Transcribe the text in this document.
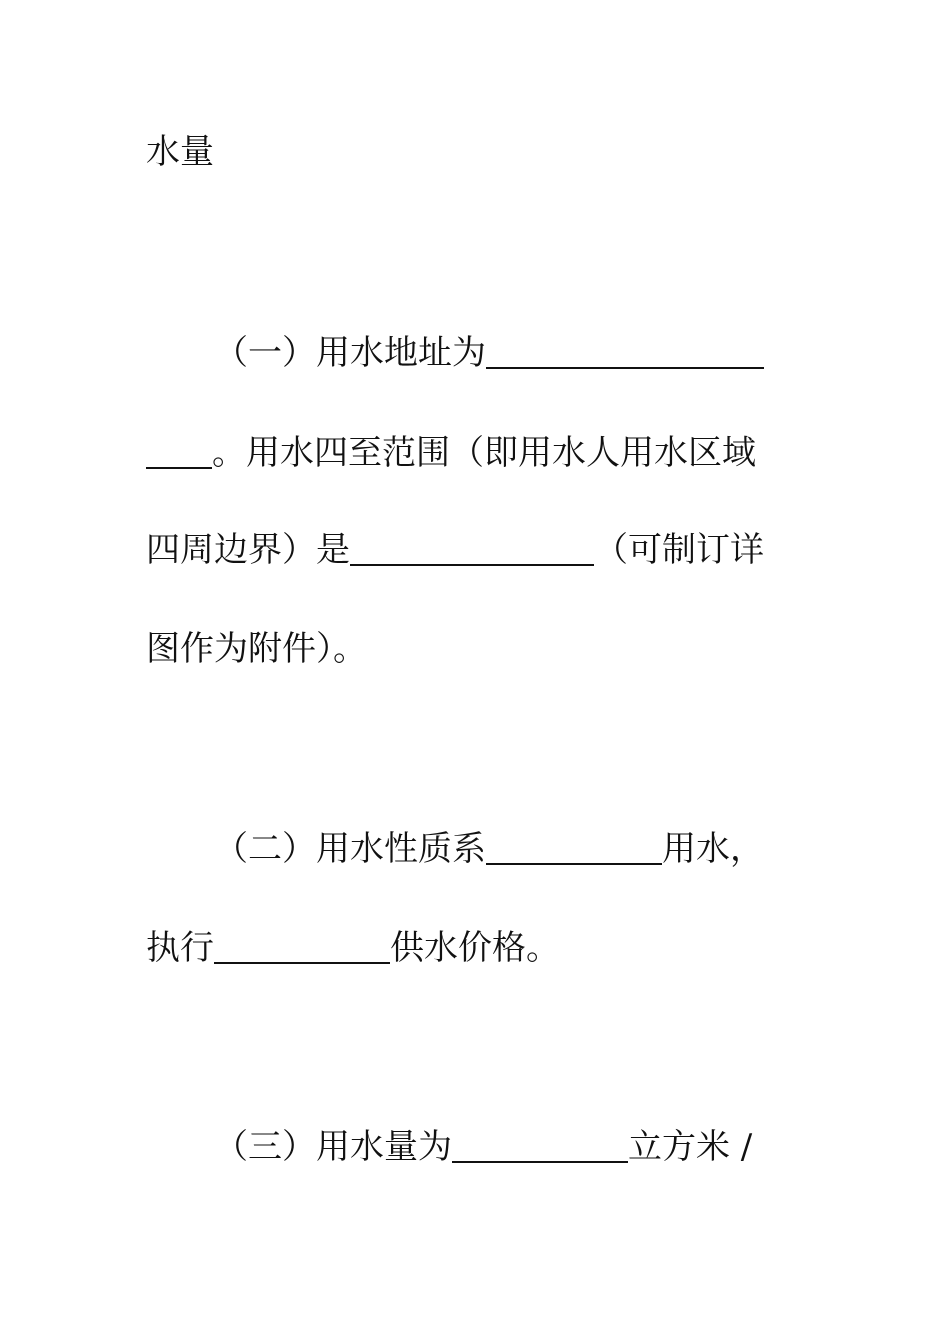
水量
（一）用水地址为
。用水四至范围（即用水人用水区域
四周边界）是	（可制订详
图作为附件）。
（二）用水性质系	用水，
执行	供水价格。
（三）用水量为	立方米 /
